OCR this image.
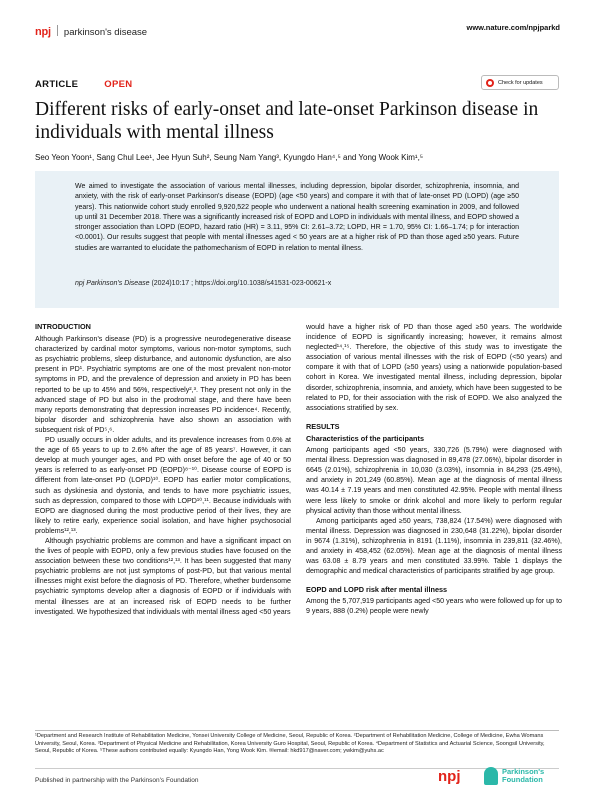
npj parkinson's disease	www.nature.com/npjparkd
ARTICLE	OPEN	Check for updates
Different risks of early-onset and late-onset Parkinson disease in individuals with mental illness
Seo Yeon Yoon¹, Sang Chul Lee¹, Jee Hyun Suh², Seung Nam Yang³, Kyungdo Han⁴,⁵ and Yong Wook Kim¹,⁵
We aimed to investigate the association of various mental illnesses, including depression, bipolar disorder, schizophrenia, insomnia, and anxiety, with the risk of early-onset Parkinson's disease (EOPD) (age <50 years) and compare it with that of late-onset PD (LOPD) (age ≥50 years). This nationwide cohort study enrolled 9,920,522 people who underwent a national health screening examination in 2009, and followed up until 31 December 2018. There was a significantly increased risk of EOPD and LOPD in individuals with mental illness, and EOPD showed a stronger association than LOPD (EOPD, hazard ratio (HR) = 3.11, 95% CI: 2.61–3.72; LOPD, HR = 1.70, 95% CI: 1.66–1.74; p for interaction <0.0001). Our results suggest that people with mental illnesses aged < 50 years are at a higher risk of PD than those aged ≥50 years. Future studies are warranted to elucidate the pathomechanism of EOPD in relation to mental illness.
npj Parkinson's Disease (2024)10:17 ; https://doi.org/10.1038/s41531-023-00621-x
INTRODUCTION

Although Parkinson's disease (PD) is a progressive neurodegenerative disease characterized by cardinal motor symptoms, various non-motor symptoms, such as psychiatric problems, sleep disturbance, and autonomic dysfunction, are also present in PD¹. Psychiatric symptoms are one of the most prevalent non-motor symptoms in PD, and the prevalence of depression and anxiety in PD has been reported to be up to 45% and 56%, respectively²,³. They present not only in the advanced stage of PD but also in the prodromal stage, and there have been many reports demonstrating that depression increases PD incidence⁴. Recently, bipolar disorder and schizophrenia have also shown an association with subsequent risk of PD⁵,⁶.

PD usually occurs in older adults, and its prevalence increases from 0.6% at the age of 65 years to up to 2.6% after the age of 85 years⁷. However, it can develop at much younger ages, and PD with onset before the age of 40 or 50 years is referred to as early-onset PD (EOPD)⁸⁻¹⁰. Disease course of EOPD is different from late-onset PD (LOPD)¹⁰. EOPD has earlier motor complications, such as dyskinesia and dystonia, and tends to have more psychiatric issues, such as depression, compared to those with LOPD¹⁰,¹¹. Because individuals with EOPD are diagnosed during the most productive period of their lives, they are likely to retire early, experience social isolation, and have higher psychosocial problems¹²,¹³.

Although psychiatric problems are common and have a significant impact on the lives of people with EOPD, only a few previous studies have focused on the association between these two conditions¹²,¹³. It has been suggested that many psychiatric problems are not just symptoms of post-PD, but that various mental illnesses might exist before the diagnosis of PD. Therefore, whether burdensome psychiatric symptoms develop after a diagnosis of EOPD or if individuals with mental illnesses are at an increased risk of EOPD needs to be further investigated. We hypothesized that individuals with mental illness aged <50 years

would have a higher risk of PD than those aged ≥50 years. The worldwide incidence of EOPD is significantly increasing; however, it remains almost neglected¹⁴,¹⁵. Therefore, the objective of this study was to investigate the association of various mental illnesses with the risk of EOPD (<50 years) and compare it with that of LOPD (≥50 years) using a nationwide population-based cohort in Korea. We investigated mental illness, including depression, bipolar disorder, schizophrenia, insomnia, and anxiety, which have been suggested to be related to PD, for their association with the risk of EOPD. We also analyzed the associations stratified by sex.

RESULTS
Characteristics of the participants

Among participants aged <50 years, 330,726 (5.79%) were diagnosed with mental illness. Depression was diagnosed in 89,478 (27.06%), bipolar disorder in 6645 (2.01%), schizophrenia in 10,030 (3.03%), insomnia in 84,293 (25.49%), and anxiety in 201,249 (60.85%). Mean age at the diagnosis of mental illness was 40.14 ± 7.19 years and men constituted 42.95%. People with mental illness were less likely to smoke or drink alcohol and more likely to perform regular physical activity than those without mental illness.

Among participants aged ≥50 years, 738,824 (17.54%) were diagnosed with mental illness. Depression was diagnosed in 230,648 (31.22%), bipolar disorder in 9674 (1.31%), schizophrenia in 8191 (1.11%), insomnia in 239,811 (32.46%), and anxiety in 458,452 (62.05%). Mean age at the diagnosis of mental illness was 63.08 ± 8.79 years and men constituted 33.99%. Table 1 displays the demographic and medical characteristics of participants stratified by age group.

EOPD and LOPD risk after mental illness

Among the 5,707,919 participants aged <50 years who were followed up for up to 9 years, 888 (0.2%) people were newly

¹Department and Research Institute of Rehabilitation Medicine, Yonsei University College of Medicine, Seoul, Republic of Korea. ²Department of Rehabilitation Medicine, College of Medicine, Ewha Womans University, Seoul, Korea. ³Department of Physical Medicine and Rehabilitation, Korea University Guro Hospital, Seoul, Republic of Korea. ⁴Department of Statistics and Actuarial Science, Soongsil University, Seoul, Republic of Korea. ⁵These authors contributed equally: Kyungdo Han, Yong Wook Kim. ✉email: hkd917@naver.com; ywkim@yuhs.ac
Published in partnership with the Parkinson's Foundation	npj	Parkinson's
Foundation
